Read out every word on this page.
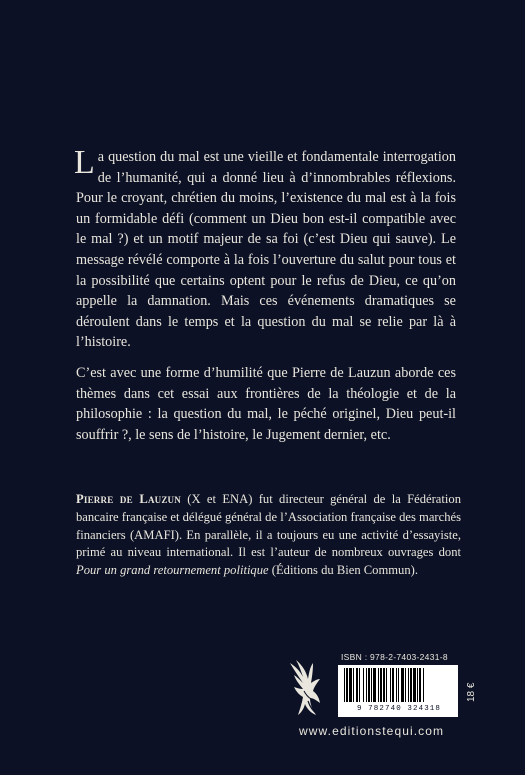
La question du mal est une vieille et fondamentale interrogation de l’humanité, qui a donné lieu à d’innombrables réflexions. Pour le croyant, chrétien du moins, l’existence du mal est à la fois un formidable défi (comment un Dieu bon est-il compatible avec le mal ?) et un motif majeur de sa foi (c’est Dieu qui sauve). Le message révélé comporte à la fois l’ouverture du salut pour tous et la possibilité que certains optent pour le refus de Dieu, ce qu’on appelle la damnation. Mais ces événements dramatiques se déroulent dans le temps et la question du mal se relie par là à l’histoire.

C’est avec une forme d’humilité que Pierre de Lauzun aborde ces thèmes dans cet essai aux frontières de la théologie et de la philosophie : la question du mal, le péché originel, Dieu peut-il souffrir ?, le sens de l’histoire, le Jugement dernier, etc.

Pierre de Lauzun (X et ENA) fut directeur général de la Fédération bancaire française et délégué général de l’Association française des marchés financiers (AMAFI). En parallèle, il a toujours eu une activité d’essayiste, primé au niveau international. Il est l’auteur de nombreux ouvrages dont Pour un grand retournement politique (Éditions du Bien Commun).

ISBN : 978-2-7403-2431-8
9 782740 324318
18 €
www.editionstequi.com
